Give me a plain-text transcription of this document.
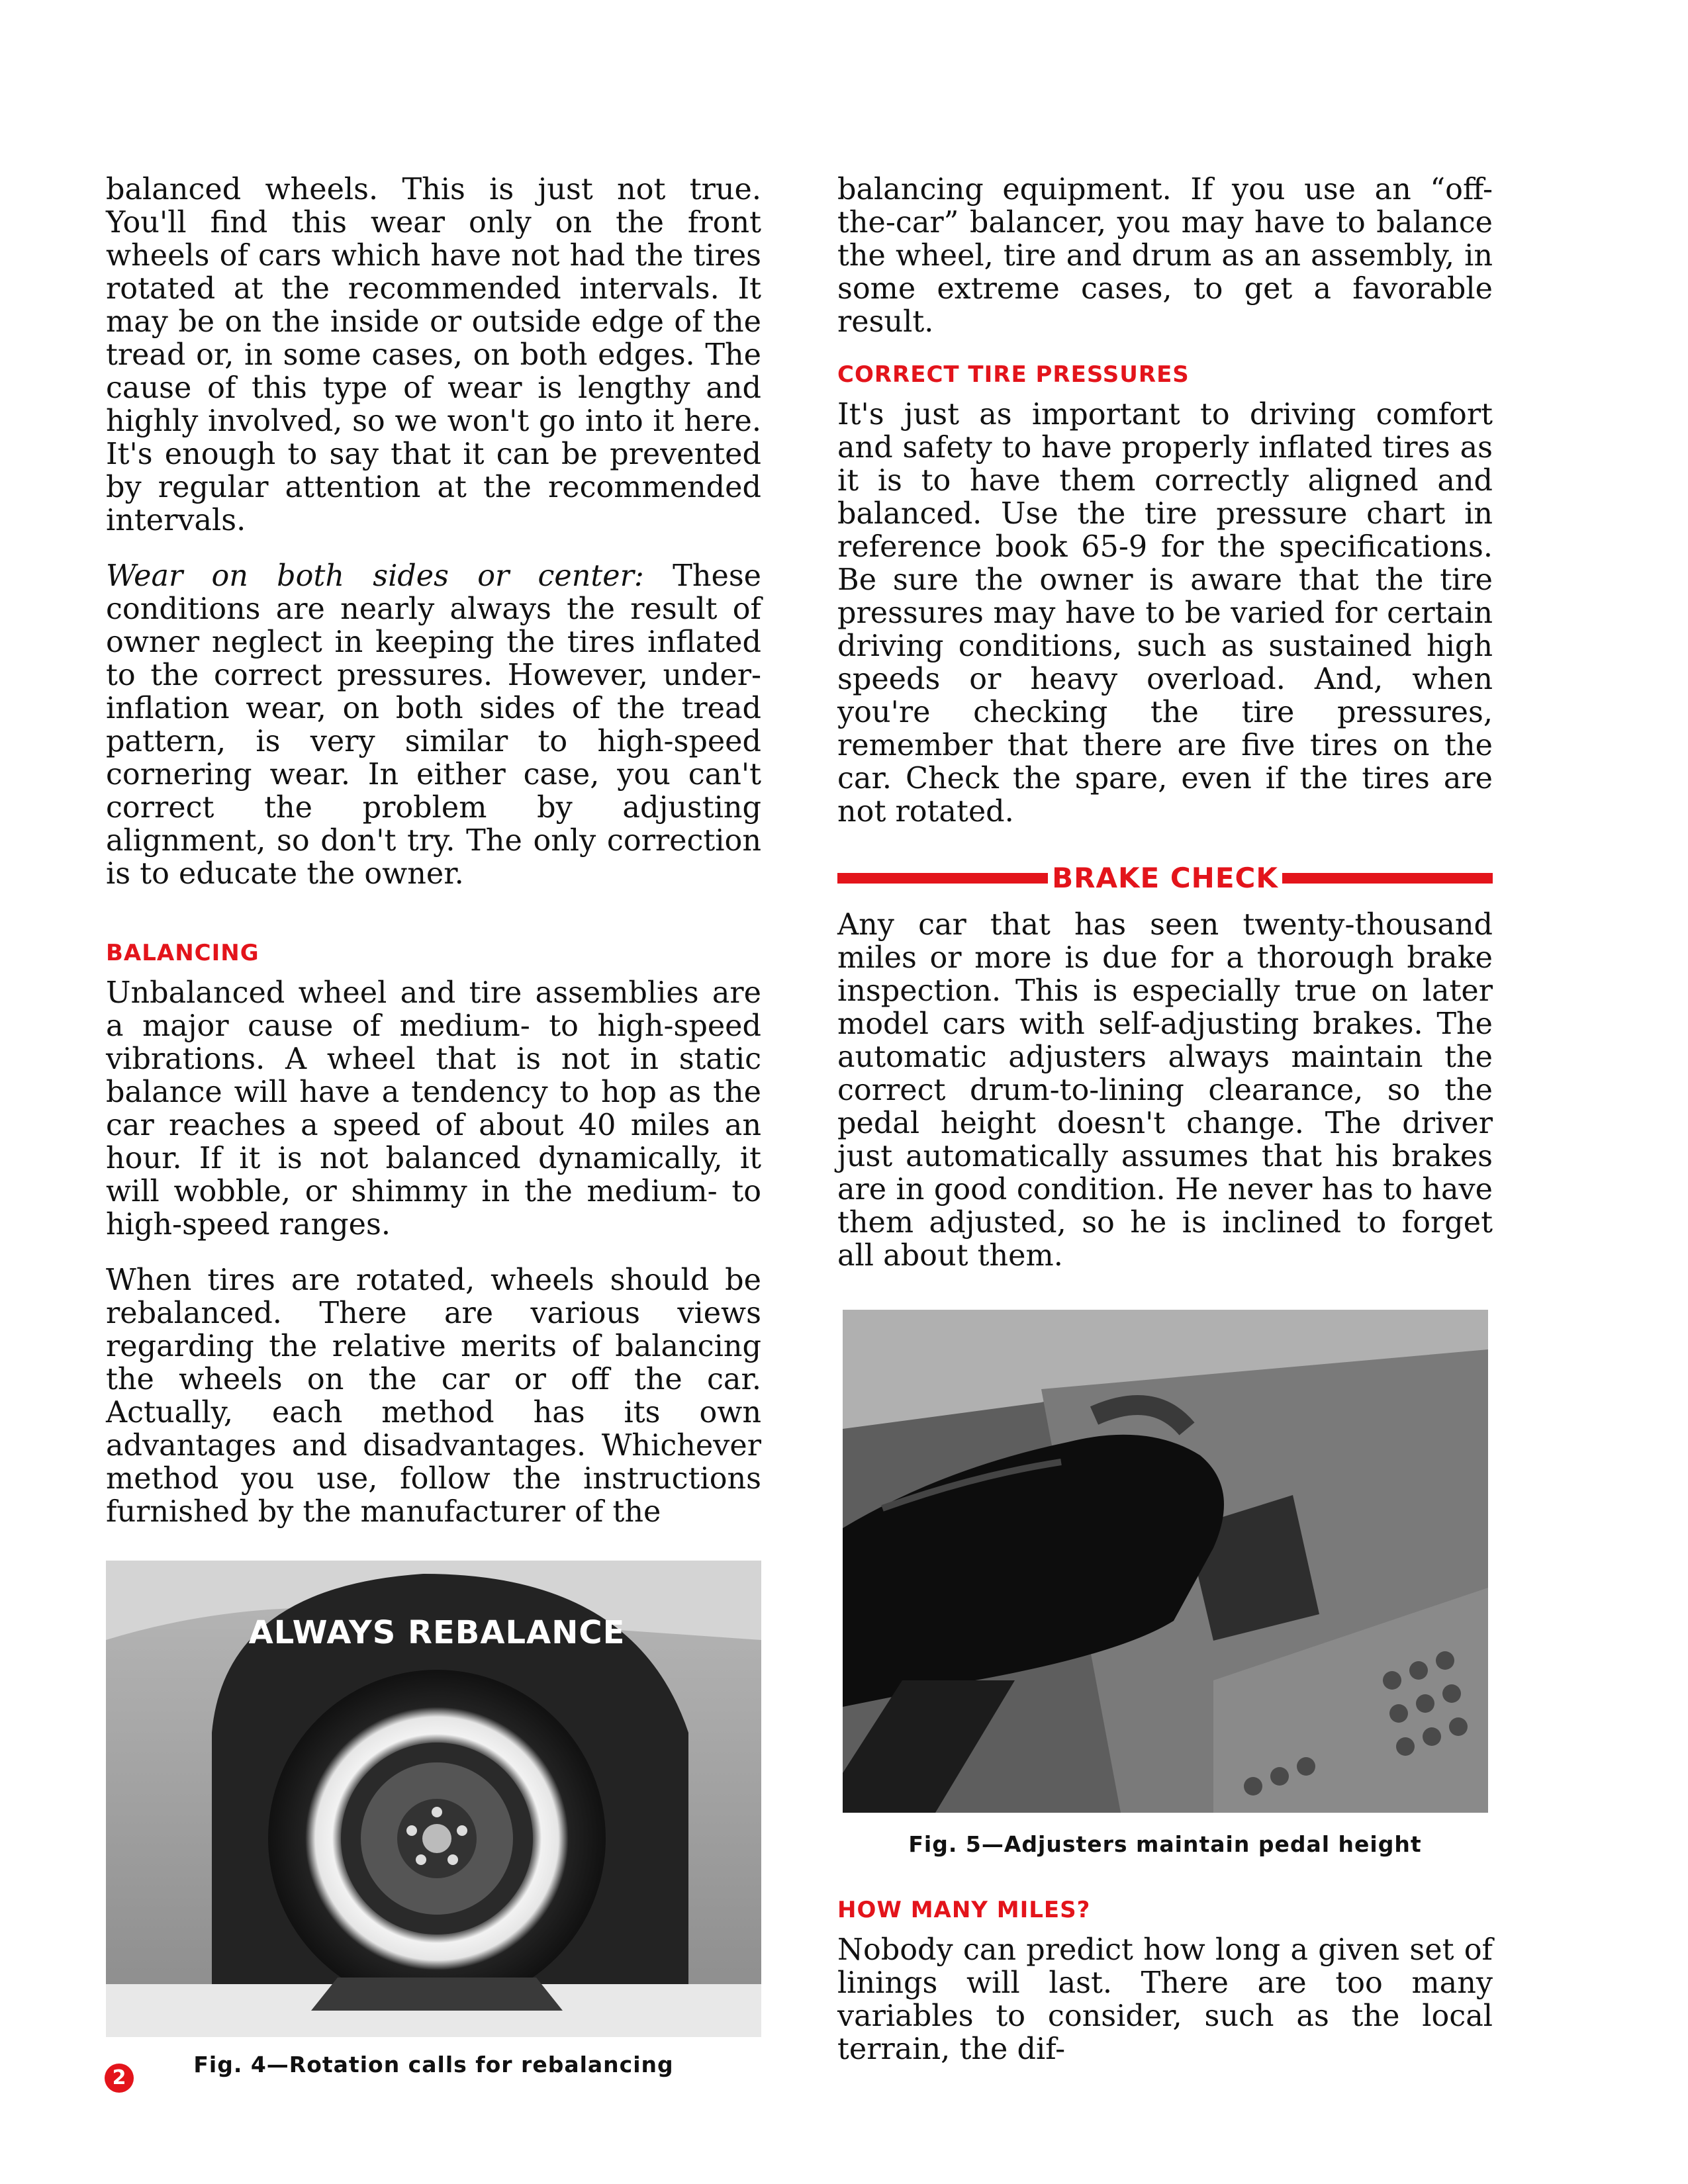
balanced wheels. This is just not true. You'll find this wear only on the front wheels of cars which have not had the tires rotated at the recommended intervals. It may be on the inside or outside edge of the tread or, in some cases, on both edges. The cause of this type of wear is lengthy and highly involved, so we won't go into it here. It's enough to say that it can be prevented by regular attention at the recommended intervals.

Wear on both sides or center: These conditions are nearly always the result of owner neglect in keeping the tires inflated to the correct pressures. However, under-inflation wear, on both sides of the tread pattern, is very similar to high-speed cornering wear. In either case, you can't correct the problem by adjusting alignment, so don't try. The only correction is to educate the owner.

BALANCING

Unbalanced wheel and tire assemblies are a major cause of medium- to high-speed vibrations. A wheel that is not in static balance will have a tendency to hop as the car reaches a speed of about 40 miles an hour. If it is not balanced dynamically, it will wobble, or shimmy in the medium- to high-speed ranges.

When tires are rotated, wheels should be rebalanced. There are various views regarding the relative merits of balancing the wheels on the car or off the car. Actually, each method has its own advantages and disadvantages. Whichever method you use, follow the instructions furnished by the manufacturer of the

ALWAYS REBALANCE
Fig. 4—Rotation calls for rebalancing

balancing equipment. If you use an “off-the-car” balancer, you may have to balance the wheel, tire and drum as an assembly, in some extreme cases, to get a favorable result.

CORRECT TIRE PRESSURES

It's just as important to driving comfort and safety to have properly inflated tires as it is to have them correctly aligned and balanced. Use the tire pressure chart in reference book 65-9 for the specifications. Be sure the owner is aware that the tire pressures may have to be varied for certain driving conditions, such as sustained high speeds or heavy overload. And, when you're checking the tire pressures, remember that there are five tires on the car. Check the spare, even if the tires are not rotated.

BRAKE CHECK

Any car that has seen twenty-thousand miles or more is due for a thorough brake inspection. This is especially true on later model cars with self-adjusting brakes. The automatic adjusters always maintain the correct drum-to-lining clearance, so the pedal height doesn't change. The driver just automatically assumes that his brakes are in good condition. He never has to have them adjusted, so he is inclined to forget all about them.

Fig. 5—Adjusters maintain pedal height
HOW MANY MILES?

Nobody can predict how long a given set of linings will last. There are too many variables to consider, such as the local terrain, the dif-

2
